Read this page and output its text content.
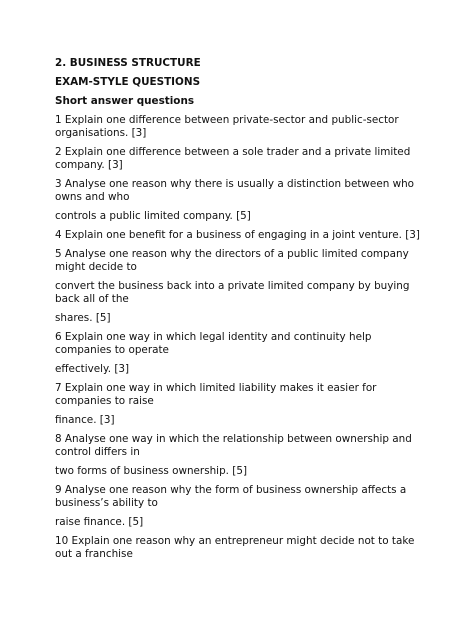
2. BUSINESS STRUCTURE

EXAM-STYLE QUESTIONS

Short answer questions

1 Explain one difference between private-sector and public-sector organisations. [3]

2 Explain one difference between a sole trader and a private limited company. [3]

3 Analyse one reason why there is usually a distinction between who owns and who

controls a public limited company. [5]

4 Explain one benefit for a business of engaging in a joint venture. [3]

5 Analyse one reason why the directors of a public limited company might decide to

convert the business back into a private limited company by buying back all of the

shares. [5]

6 Explain one way in which legal identity and continuity help companies to operate

effectively. [3]

7 Explain one way in which limited liability makes it easier for companies to raise

finance. [3]

8 Analyse one way in which the relationship between ownership and control differs in

two forms of business ownership. [5]

9 Analyse one reason why the form of business ownership affects a business’s ability to

raise finance. [5]

10 Explain one reason why an entrepreneur might decide not to take out a franchise
